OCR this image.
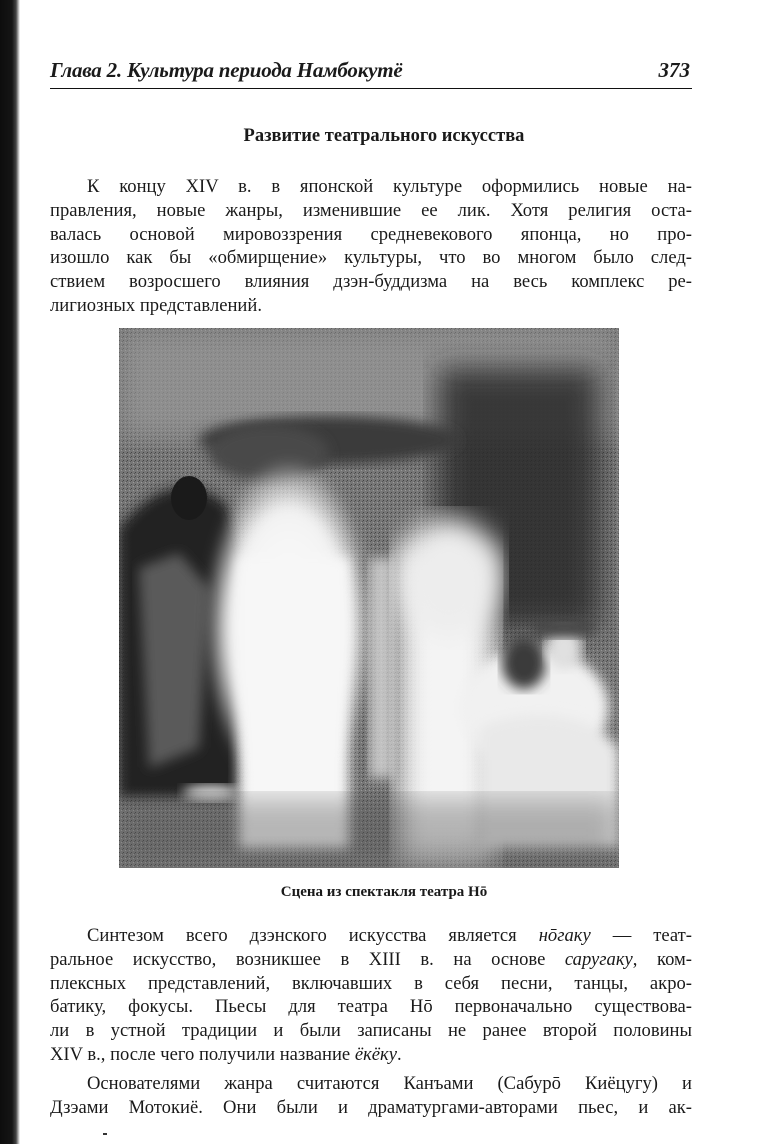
Глава 2. Культура периода Намбокутё	373
Развитие театрального искусства
К концу XIV в. в японской культуре оформились новые на-
правления, новые жанры, изменившие ее лик. Хотя религия оста-
валась основой мировоззрения средневекового японца, но про-
изошло как бы «обмирщение» культуры, что во многом было след-
ствием возросшего влияния дзэн-буддизма на весь комплекс ре-
лигиозных представлений.
Сцена из спектакля театра Нō
Синтезом всего дзэнского искусства является нōгаку — теат-
ральное искусство, возникшее в XIII в. на основе саругаку, ком-
плексных представлений, включавших в себя песни, танцы, акро-
батику, фокусы. Пьесы для театра Нō первоначально существова-
ли в устной традиции и были записаны не ранее второй половины
XIV в., после чего получили название ёкёку.
Основателями жанра считаются Канъами (Сабурō Киёцугу) и
Дзэами Мотокиё. Они были и драматургами-авторами пьес, и ак-
